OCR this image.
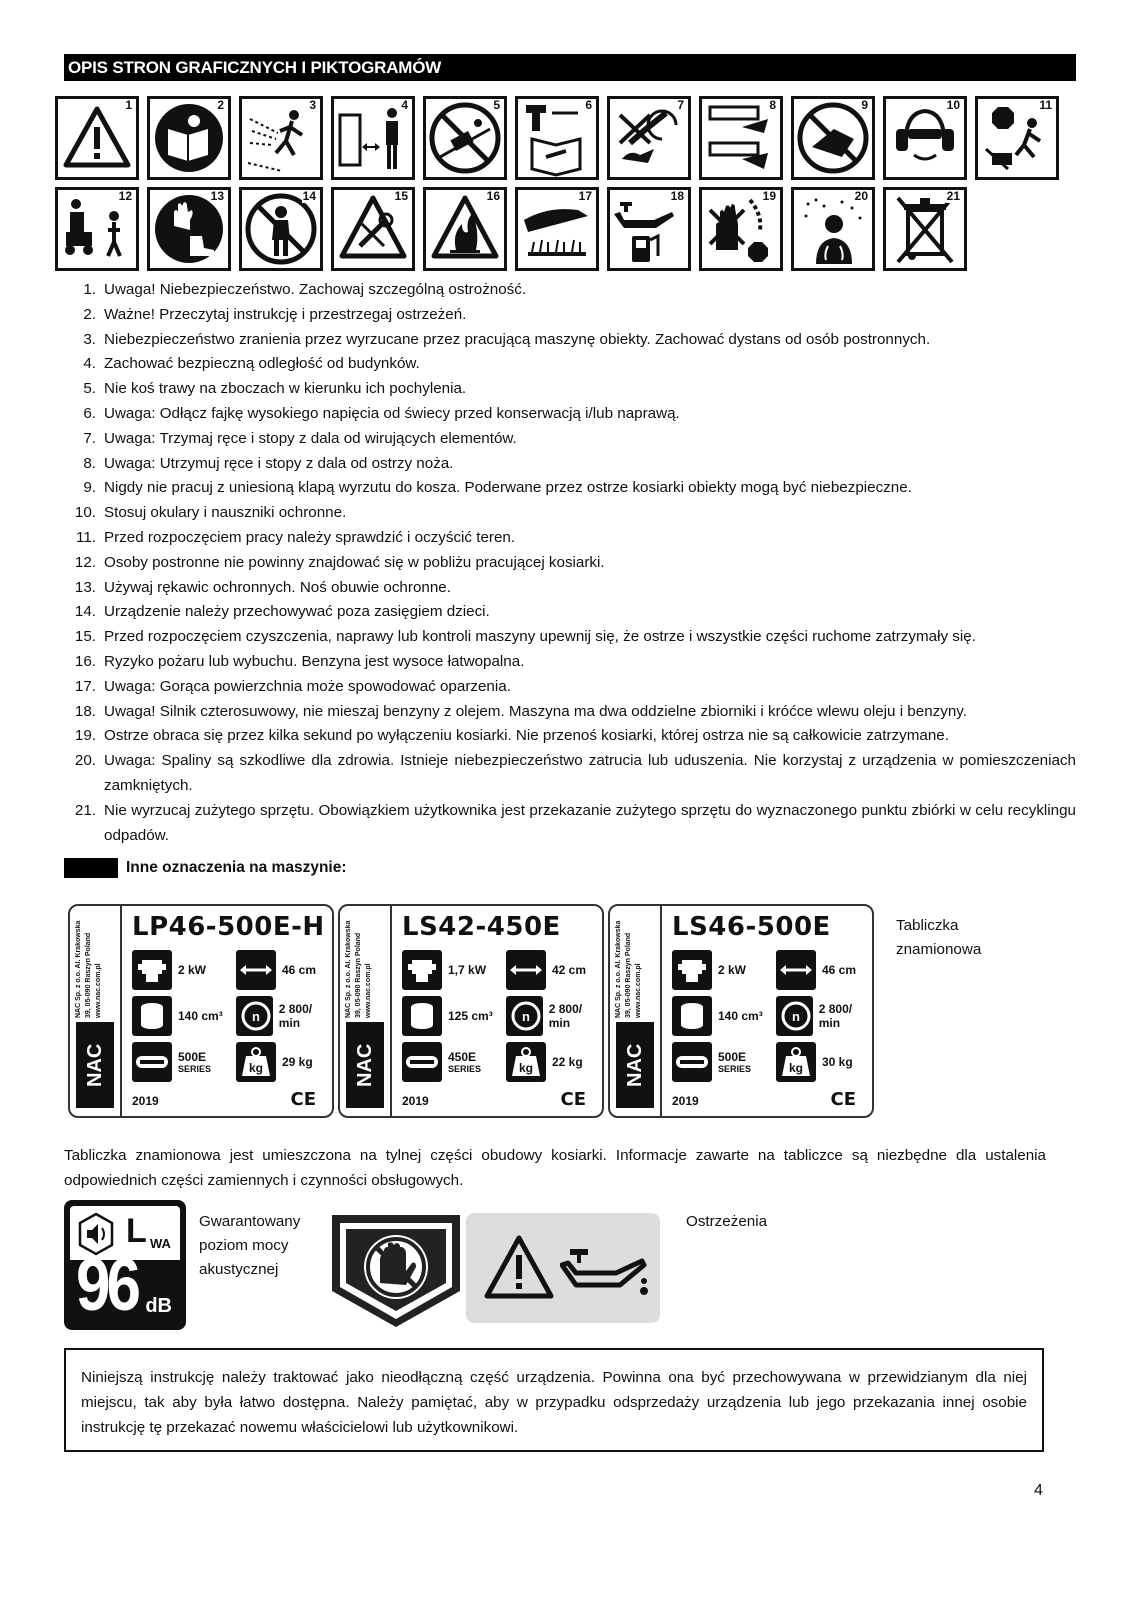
OPIS STRON GRAFICZNYCH I PIKTOGRAMÓW
1	2	3	4	5	6	7	8	9	10	11
12	13	14	15	16	17	18	19	20	21
1. Uwaga! Niebezpieczeństwo. Zachowaj szczególną ostrożność.
2. Ważne! Przeczytaj instrukcję i przestrzegaj ostrzeżeń.
3. Niebezpieczeństwo zranienia przez wyrzucane przez pracującą maszynę obiekty. Zachować dystans od osób postronnych.
4. Zachować bezpieczną odległość od budynków.
5. Nie koś trawy na zboczach w kierunku ich pochylenia.
6. Uwaga: Odłącz fajkę wysokiego napięcia od świecy przed konserwacją i/lub naprawą.
7. Uwaga: Trzymaj ręce i stopy z dala od wirujących elementów.
8. Uwaga: Utrzymuj ręce i stopy z dala od ostrzy noża.
9. Nigdy nie pracuj z uniesioną klapą wyrzutu do kosza. Poderwane przez ostrze kosiarki obiekty mogą być niebezpieczne.
10. Stosuj okulary i nauszniki ochronne.
11. Przed rozpoczęciem pracy należy sprawdzić i oczyścić teren.
12. Osoby postronne nie powinny znajdować się w pobliżu pracującej kosiarki.
13. Używaj rękawic ochronnych. Noś obuwie ochronne.
14. Urządzenie należy przechowywać poza zasięgiem dzieci.
15. Przed rozpoczęciem czyszczenia, naprawy lub kontroli maszyny upewnij się, że ostrze i wszystkie części ruchome zatrzymały się.
16. Ryzyko pożaru lub wybuchu. Benzyna jest wysoce łatwopalna.
17. Uwaga: Gorąca powierzchnia może spowodować oparzenia.
18. Uwaga! Silnik czterosuwowy, nie mieszaj benzyny z olejem. Maszyna ma dwa oddzielne zbiorniki i króćce wlewu oleju i benzyny.
19. Ostrze obraca się przez kilka sekund po wyłączeniu kosiarki. Nie przenoś kosiarki, której ostrza nie są całkowicie zatrzymane.
20. Uwaga: Spaliny są szkodliwe dla zdrowia. Istnieje niebezpieczeństwo zatrucia lub uduszenia. Nie korzystaj z urządzenia w pomieszczeniach zamkniętych.
21. Nie wyrzucaj zużytego sprzętu. Obowiązkiem użytkownika jest przekazanie zużytego sprzętu do wyznaczonego punktu zbiórki w celu recyklingu odpadów.
Inne oznaczenia na maszynie:
NAC Sp. z o.o. Al. Krakowska 39, 05-090 Raszyn Poland www.nac.com.pl
NAC
LP46-500E-H
2 kW	46 cm
140 cm³ n 2 800/ min
500E
SERIES	kg 29 kg
2019	CE
NAC Sp. z o.o. Al. Krakowska 39, 05-090 Raszyn Poland www.nac.com.pl
NAC
LS42-450E
1,7 kW	42 cm
125 cm³ n 2 800/ min
450E
SERIES	kg 22 kg
2019	CE
NAC Sp. z o.o. Al. Krakowska 39, 05-090 Raszyn Poland www.nac.com.pl
NAC
LS46-500E
2 kW	46 cm
140 cm³ n 2 800/ min
500E
SERIES	kg 30 kg
2019	CE
Tabliczka znamionowa
Tabliczka znamionowa jest umieszczona na tylnej części obudowy kosiarki. Informacje zawarte na tabliczce są niezbędne dla ustalenia odpowiednich części zamiennych i czynności obsługowych.
L WA
96 dB
Gwarantowany poziom mocy akustycznej
Ostrzeżenia
Niniejszą instrukcję należy traktować jako nieodłączną część urządzenia. Powinna ona być przechowywana w przewidzianym dla niej miejscu, tak aby była łatwo dostępna. Należy pamiętać, aby w przypadku odsprzedaży urządzenia lub jego przekazania innej osobie instrukcję tę przekazać nowemu właścicielowi lub użytkownikowi.
4
